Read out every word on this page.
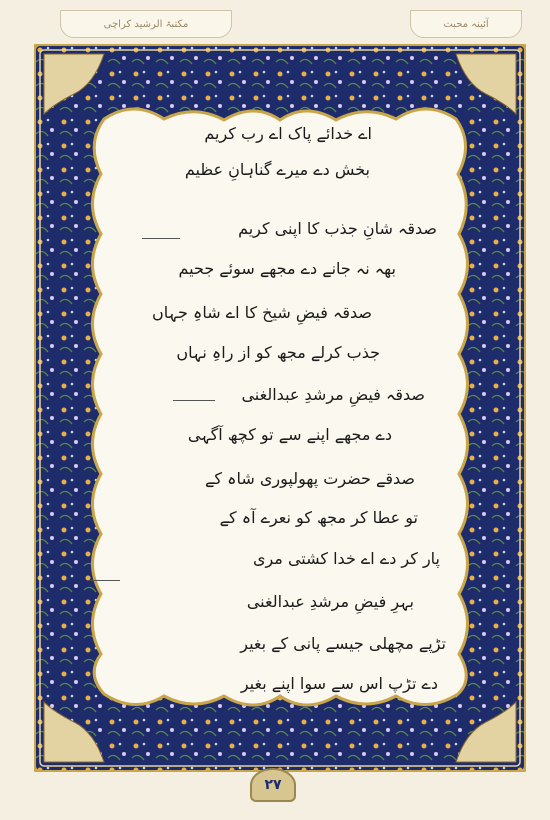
مکتبۃ الرشید کراچی	آئینہ محبت
اے خدائے پاک اے رب کریم
بخش دے میرے گناہانِ عظیم
صدقہ شانِ جذب کا اپنی کریم
بھہ نہ جانے دے مجھے سوئے جحیم
صدقہ فیضِ شیخ کا اے شاہِ جہاں
جذب کرلے مجھ کو از راہِ نہاں
صدقہ فیضِ مرشدِ عبدالغنی
دے مجھے اپنے سے تو کچھ آگہی
صدقے حضرت پھولپوری شاہ کے
تو عطا کر مجھ کو نعرے آہ کے
پار کر دے اے خدا کشتی مری
بہرِ فیضِ مرشدِ عبدالغنی
تڑپے مچھلی جیسے پانی کے بغیر
دے تڑپ اس سے سوا اپنے بغیر
۲۷
